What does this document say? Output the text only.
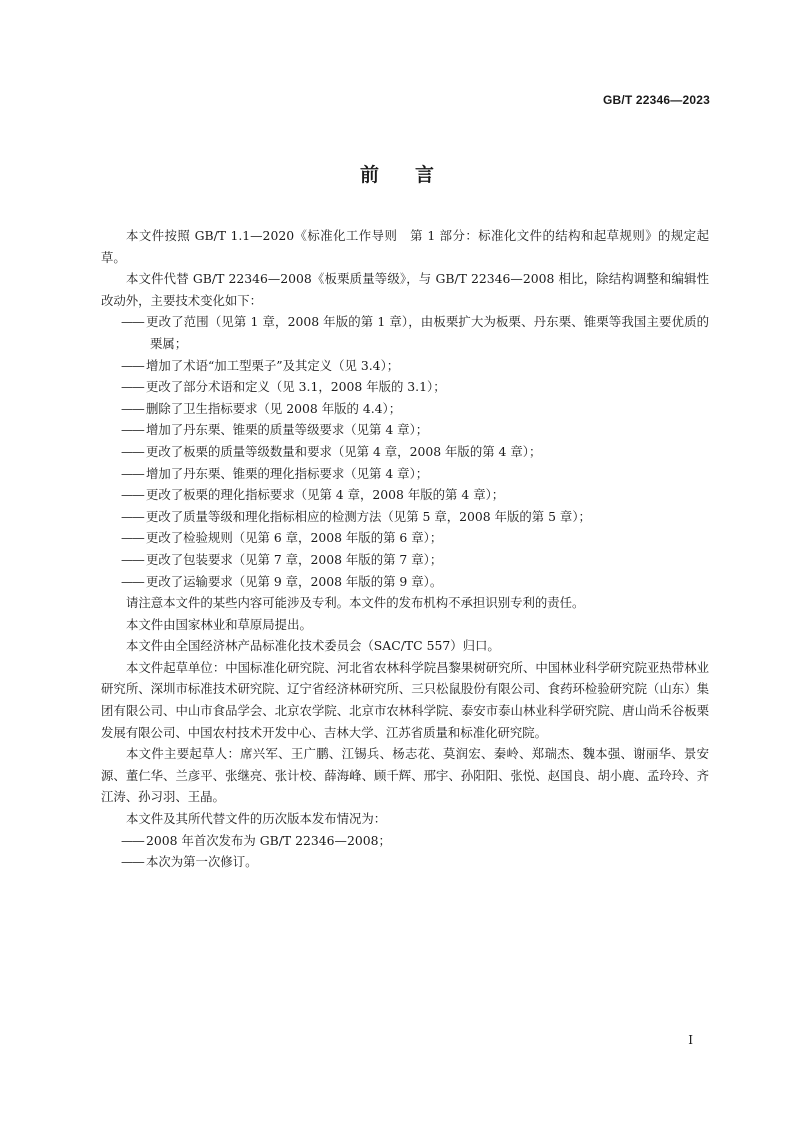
GB/T 22346—2023
前 言

本文件按照 GB/T 1.1—2020《标准化工作导则　第 1 部分：标准化文件的结构和起草规则》的规定起草。

本文件代替 GB/T 22346—2008《板栗质量等级》，与 GB/T 22346—2008 相比，除结构调整和编辑性改动外，主要技术变化如下：

—— 更改了范围（见第 1 章，2008 年版的第 1 章），由板栗扩大为板栗、丹东栗、锥栗等我国主要优质的栗属；

—— 增加了术语“加工型栗子”及其定义（见 3.4）；

—— 更改了部分术语和定义（见 3.1，2008 年版的 3.1）；

—— 删除了卫生指标要求（见 2008 年版的 4.4）；

—— 增加了丹东栗、锥栗的质量等级要求（见第 4 章）；

—— 更改了板栗的质量等级数量和要求（见第 4 章，2008 年版的第 4 章）；

—— 增加了丹东栗、锥栗的理化指标要求（见第 4 章）；

—— 更改了板栗的理化指标要求（见第 4 章，2008 年版的第 4 章）；

—— 更改了质量等级和理化指标相应的检测方法（见第 5 章，2008 年版的第 5 章）；

—— 更改了检验规则（见第 6 章，2008 年版的第 6 章）；

—— 更改了包装要求（见第 7 章，2008 年版的第 7 章）；

—— 更改了运输要求（见第 9 章，2008 年版的第 9 章）。

请注意本文件的某些内容可能涉及专利。本文件的发布机构不承担识别专利的责任。

本文件由国家林业和草原局提出。

本文件由全国经济林产品标准化技术委员会（SAC/TC 557）归口。

本文件起草单位：中国标准化研究院、河北省农林科学院昌黎果树研究所、中国林业科学研究院亚热带林业研究所、深圳市标准技术研究院、辽宁省经济林研究所、三只松鼠股份有限公司、食药环检验研究院（山东）集团有限公司、中山市食品学会、北京农学院、北京市农林科学院、泰安市泰山林业科学研究院、唐山尚禾谷板栗发展有限公司、中国农村技术开发中心、吉林大学、江苏省质量和标准化研究院。

本文件主要起草人：席兴军、王广鹏、江锡兵、杨志花、莫润宏、秦岭、郑瑞杰、魏本强、谢丽华、景安源、董仁华、兰彦平、张继亮、张计校、薛海峰、顾千辉、邢宇、孙阳阳、张悦、赵国良、胡小鹿、孟玲玲、齐江涛、孙习羽、王晶。

本文件及其所代替文件的历次版本发布情况为：

—— 2008 年首次发布为 GB/T 22346—2008；

—— 本次为第一次修订。

I
